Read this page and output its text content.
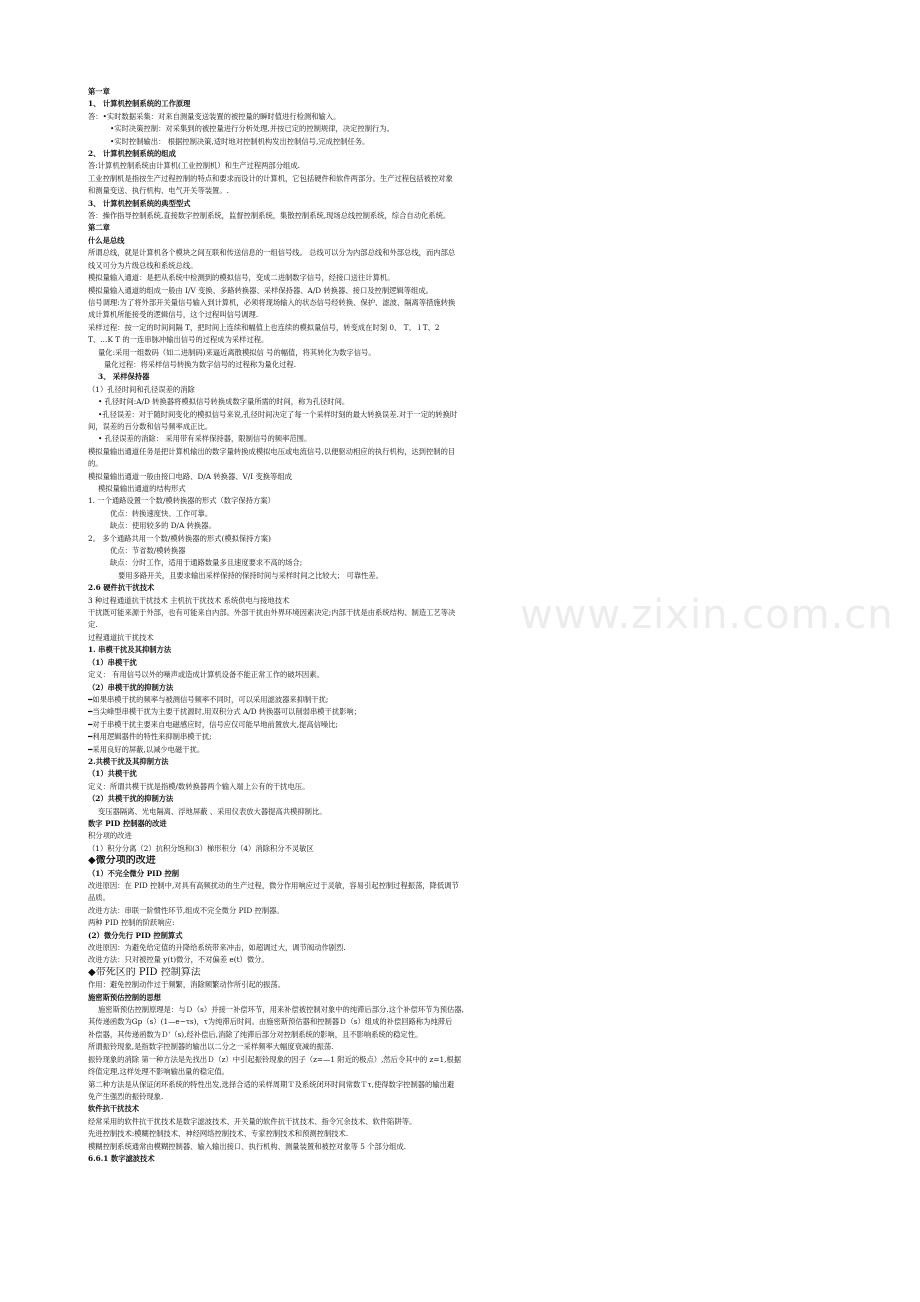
第一章
1、 计算机控制系统的工作原理
答：•实时数据采集：对来自测量变送装置的被控量的瞬时值进行检测和输入。
•实时决策控制：对采集到的被控量进行分析处理,并按已定的控制规律，决定控制行为。
•实时控制输出： 根据控制决策,适时地对控制机构发出控制信号,完成控制任务。
2、 计算机控制系统的组成
答:计算机控制系统由计算机(工业控制机）和生产过程两部分组成.
工业控制机是指按生产过程控制的特点和要求而设计的计算机，它包括硬件和软件两部分。生产过程包括被控对象
和测量变送、执行机构、电气开关等装置。.
3、 计算机控制系统的典型型式
答：操作指导控制系统,直接数字控制系统，监督控制系统，集散控制系统,现场总线控制系统，综合自动化系统。
第二章
什么是总线
所谓总线，就是计算机各个模块之间互联和传送信息的一组信号线。 总线可以分为内部总线和外部总线，而内部总
线又可分为片级总线和系统总线。
模拟量输入通道：是把从系统中检测到的模拟信号，变成二进制数字信号，经接口送往计算机。
模拟量输入通道的组成一般由 I/V 变换、多路转换器、采样保持器、A/D 转换器、接口及控制逻辑等组成。
信号调理:为了将外部开关量信号输入到计算机，必须将现场输入的状态信号经转换、保护、滤波、隔离等措施转换
成计算机所能接受的逻辑信号，这个过程叫信号调理.
采样过程：按一定的时间间隔 T，把时间上连续和幅值上也连续的模拟量信号，转变成在时刻 0、 T、 l T、2
T、…K T 的一连串脉冲输出信号的过程成为采样过程。
量化:采用一组数码（如二进制码)来逼近离散模拟信 号的幅值，将其转化为数字信号。
量化过程：将采样信号转换为数字信号的过程称为量化过程.
3、 采样保持器
（1）孔径时间和孔径误差的消除
• 孔径时间:A/D 转换器将模拟信号转换成数字量所需的时间，称为孔径时间。
•孔径误差：对于随时间变化的模拟信号来说,孔径时间决定了每一个采样时刻的最大转换误差.对于一定的转换时
间，误差的百分数和信号频率成正比。
• 孔径误差的消除： 采用带有采样保持器，限制信号的频率范围。
模拟量输出通道任务是把计算机输出的数字量转换成模拟电压或电流信号,以便驱动相应的执行机构，达到控制的目
的。
模拟量输出通道一般由接口电路、D/A 转换器、V/I 变换等组成
模拟量输出通道的结构形式
1. 一个通路设置一个数/模转换器的形式（数字保持方案）
优点：转换速度快、工作可靠。
缺点：使用较多的 D/A 转换器。
2。 多个通路共用一个数/模转换器的形式(模拟保持方案)
优点：节省数/模转换器
缺点：分时工作，适用于通路数量多且速度要求不高的场合;
要用多路开关，且要求输出采样保持的保持时间与采样时间之比较大； 可靠性差。
2.6 硬件抗干扰技术
3 种过程通道抗干扰技术 主机抗干扰技术 系统供电与接地技术
干扰既可能来源于外部，也有可能来自内部。外部干扰由外界环境因素决定;内部干扰是由系统结构、制造工艺等决
定.
过程通道抗干扰技术
1. 串模干扰及其抑制方法
（1）串模干扰
定义： 有用信号以外的噪声或造成计算机设备不能正常工作的破坏因素。
（2）串模干扰的抑制方法
━如果串模干扰的频率与被测信号频率不同时，可以采用滤波器来抑制干扰;
━当尖峰型串模干扰为主要干扰源时,用双积分式 A/D 转换器可以削弱串模干扰影响；
━对于串模干扰主要来自电磁感应时，信号应仅可能早地前置放大,提高信噪比;
━利用逻辑器件的特性来抑制串模干扰;
━采用良好的屏蔽,以减少电磁干扰。
2.共模干扰及其抑制方法
（1）共模干扰
定义：所谓共模干扰是指模/数转换器两个输入端上公有的干扰电压。
（2）共模干扰的抑制方法
变压器隔离、光电隔离、浮地屏蔽 、采用仪表放大器提高共模抑制比。
数字 PID 控制器的改进
积分项的改进
（1）积分分离（2）抗积分饱和(3）梯形积分（4）消除积分不灵敏区
◆微分项的改进
（1）不完全微分 PID 控制
改进原因：在 PID 控制中,对具有高频扰动的生产过程，微分作用响应过于灵敏，容易引起控制过程振荡，降低调节
品质。
改进方法：串联一阶惯性环节,组成不完全微分 PID 控制器。
两种 PID 控制的阶跃响应:
(2）微分先行 PID 控制算式
改进原因：为避免给定值的升降给系统带来冲击，如超调过大，调节阀动作剧烈.
改进方法：只对被控量 y(t)微分，不对偏差 e(t）微分。
◆带死区的 PID 控制算法
作用：避免控制动作过于频繁，消除频繁动作所引起的振荡。
施密斯预估控制的思想
施密斯预估控制原理是：与Ｄ（s）并接一补偿环节，用来补偿被控制对象中的纯滞后部分.这个补偿环节为预估器,
其传递函数为Gp（s）(1—e−τs)，τ为纯滞后时间。由施密斯预估器和控制器Ｄ（s）组成的补偿回路称为纯滞后
补偿器，其传递函数为Ｄ'（s),经补偿后,消除了纯滞后部分对控制系统的影响，且不影响系统的稳定性。
所谓振铃现象,是指数字控制器的输出以二分之一采样频率大幅度衰减的振荡.
振铃现象的消除 第一种方法是先找出Ｄ（z）中引起振铃现象的因子（z=—1 附近的极点）,然后令其中的 z=1,根据
终值定理,这样处理不影响输出量的稳定值。
第二种方法是从保证闭环系统的特性出发,选择合适的采样周期Ｔ及系统闭环时间常数Ｔτ,使得数字控制器的输出避
免产生强烈的振铃现象.
软件抗干扰技术
经常采用的软件抗干扰技术是数字滤波技术、开关量的软件抗干扰技术、指令冗余技术、软件陷阱等。
先进控制技术:模糊控制技术、神经网络控制技术、专家控制技术和预测控制技术.
模糊控制系统通常由模糊控制器、输入输出接口、执行机构、测量装置和被控对象等 5 个部分组成.
6.6.1 数字滤波技术
www.zixin.com.cn
